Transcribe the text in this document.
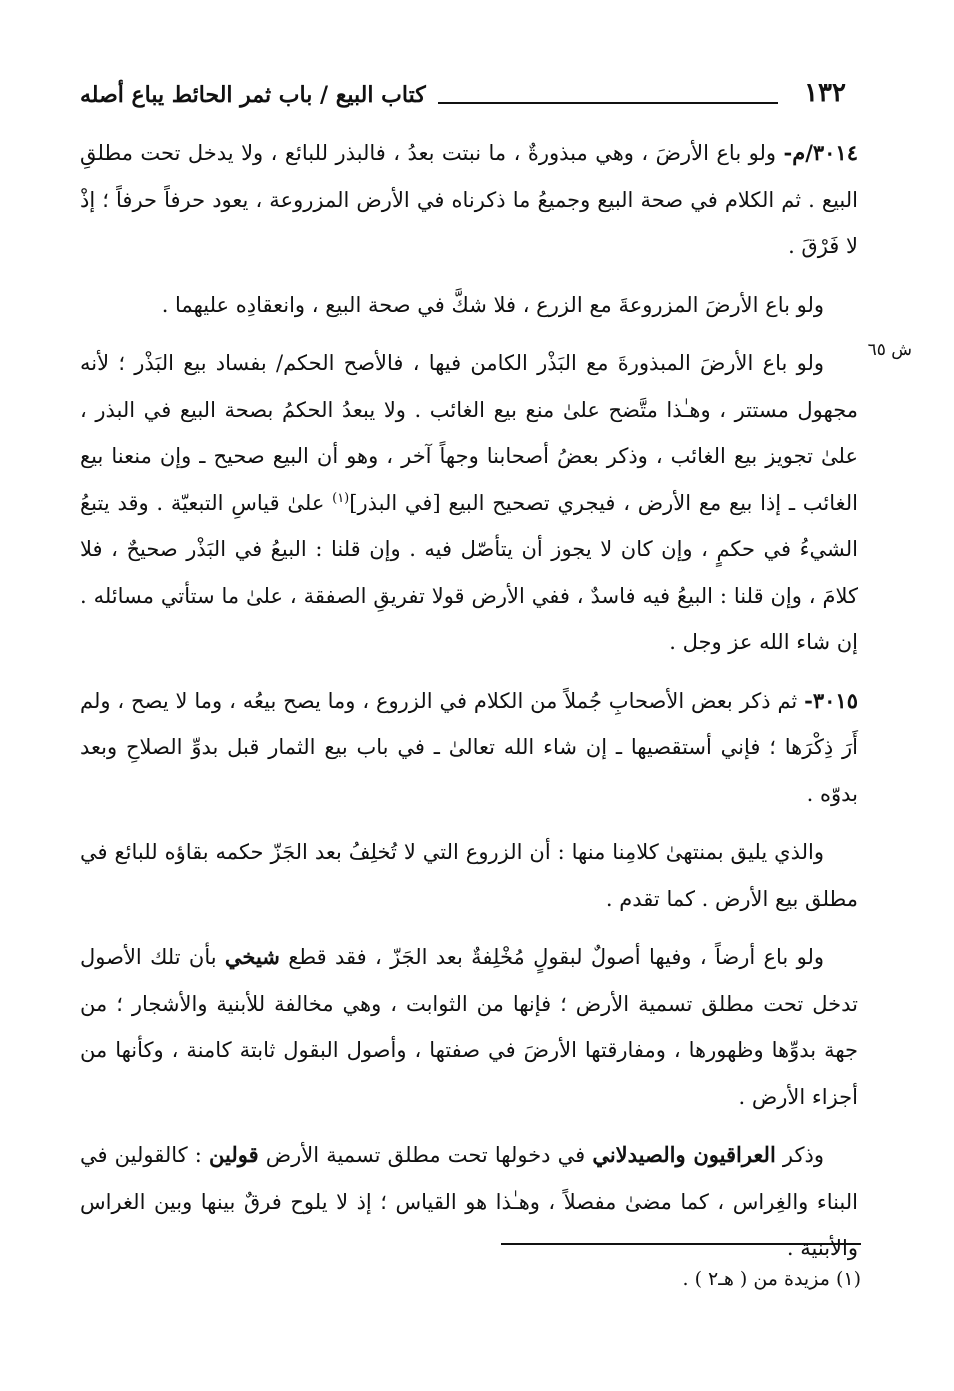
١٣٢
كتاب البيع / باب ثمر الحائط يباع أصله
ش ٦٥

٣٠١٤/م- ولو باع الأرضَ ، وهي مبذورةٌ ، ما نبتت بعدُ ، فالبذر للبائع ، ولا يدخل تحت مطلقِ البيع . ثم الكلام في صحة البيع وجميعُ ما ذكرناه في الأرض المزروعة ، يعود حرفاً حرفاً ؛ إذْ لا فَرْقَ .

ولو باع الأرضَ المزروعةَ مع الزرع ، فلا شكَّ في صحة البيع ، وانعقادِه عليهما .

ولو باع الأرضَ المبذورةَ مع البَذْر الكامن فيها ، فالأصح الحكم/ بفساد بيع البَذْر ؛ لأنه مجهول مستتر ، وهـٰذا متَّضح علىٰ منع بيع الغائب . ولا يبعدُ الحكمُ بصحة البيع في البذر ، علىٰ تجويز بيع الغائب ، وذكر بعضُ أصحابنا وجهاً آخر ، وهو أن البيع صحيح ـ وإن منعنا بيع الغائب ـ إذا بيع مع الأرض ، فيجري تصحيح البيع [في البذر]$^{(١)}$ علىٰ قياسِ التبعيّة . وقد يتبعُ الشيءُ في حكمٍ ، وإن كان لا يجوز أن يتأصّل فيه . وإن قلنا : البيعُ في البَذْر صحيحٌ ، فلا كلامَ ، وإن قلنا : البيعُ فيه فاسدٌ ، ففي الأرض قولا تفريقِ الصفقة ، علىٰ ما ستأتي مسائله . إن شاء الله عز وجل .

٣٠١٥- ثم ذكر بعض الأصحابِ جُملاً من الكلام في الزروع ، وما يصح بيعُه ، وما لا يصح ، ولم أَرَ ذِكْرَها ؛ فإني أستقصيها ـ إن شاء الله تعالىٰ ـ في باب بيع الثمار قبل بدوِّ الصلاحِ وبعد بدوّه .

والذي يليق بمنتهىٰ كلامِنا منها : أن الزروع التي لا تُخلِفُ بعد الجَزّ حكمه بقاؤه للبائع في مطلق بيع الأرض . كما تقدم .

ولو باع أرضاً ، وفيها أصولٌ لبقولٍ مُخْلِفةٌ بعد الجَزّ ، فقد قطع شيخي بأن تلك الأصول تدخل تحت مطلق تسمية الأرض ؛ فإنها من الثوابت ، وهي مخالفة للأبنية والأشجار ؛ من جهة بدوِّها وظهورها ، ومفارقتها الأرضَ في صفتها ، وأصول البقول ثابتة كامنة ، وكأنها من أجزاء الأرض .

وذكر العراقيون والصيدلاني في دخولها تحت مطلق تسمية الأرض قولين : كالقولين في البناء والغِراس ، كما مضىٰ مفصلاً ، وهـٰذا هو القياس ؛ إذ لا يلوح فرقٌ بينها وبين الغراس والأبنية .

(١) مزيدة من ( هـ٢ ) .
